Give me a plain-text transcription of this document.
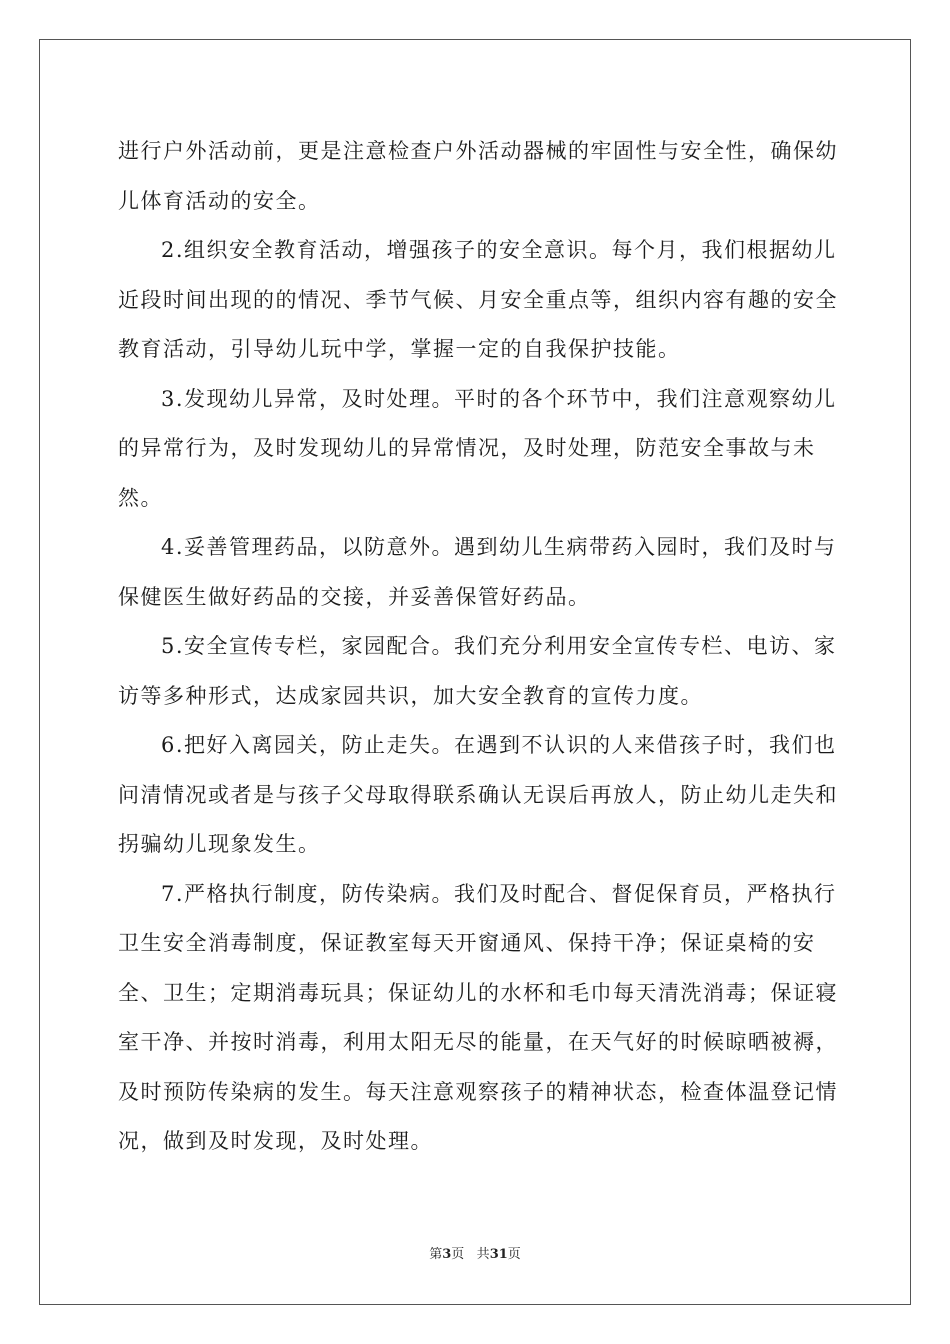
进行户外活动前，更是注意检查户外活动器械的牢固性与安全性，确保幼儿体育活动的安全。

2.组织安全教育活动，增强孩子的安全意识。每个月，我们根据幼儿近段时间出现的的情况、季节气候、月安全重点等，组织内容有趣的安全教育活动，引导幼儿玩中学，掌握一定的自我保护技能。

3.发现幼儿异常，及时处理。平时的各个环节中，我们注意观察幼儿的异常行为，及时发现幼儿的异常情况，及时处理，防范安全事故与未然。

4.妥善管理药品，以防意外。遇到幼儿生病带药入园时，我们及时与保健医生做好药品的交接，并妥善保管好药品。

5.安全宣传专栏，家园配合。我们充分利用安全宣传专栏、电访、家访等多种形式，达成家园共识，加大安全教育的宣传力度。

6.把好入离园关，防止走失。在遇到不认识的人来借孩子时，我们也问清情况或者是与孩子父母取得联系确认无误后再放人，防止幼儿走失和拐骗幼儿现象发生。

7.严格执行制度，防传染病。我们及时配合、督促保育员，严格执行卫生安全消毒制度，保证教室每天开窗通风、保持干净；保证桌椅的安全、卫生；定期消毒玩具；保证幼儿的水杯和毛巾每天清洗消毒；保证寝室干净、并按时消毒，利用太阳无尽的能量，在天气好的时候晾晒被褥，及时预防传染病的发生。每天注意观察孩子的精神状态，检查体温登记情况，做到及时发现，及时处理。

第3页 共31页
